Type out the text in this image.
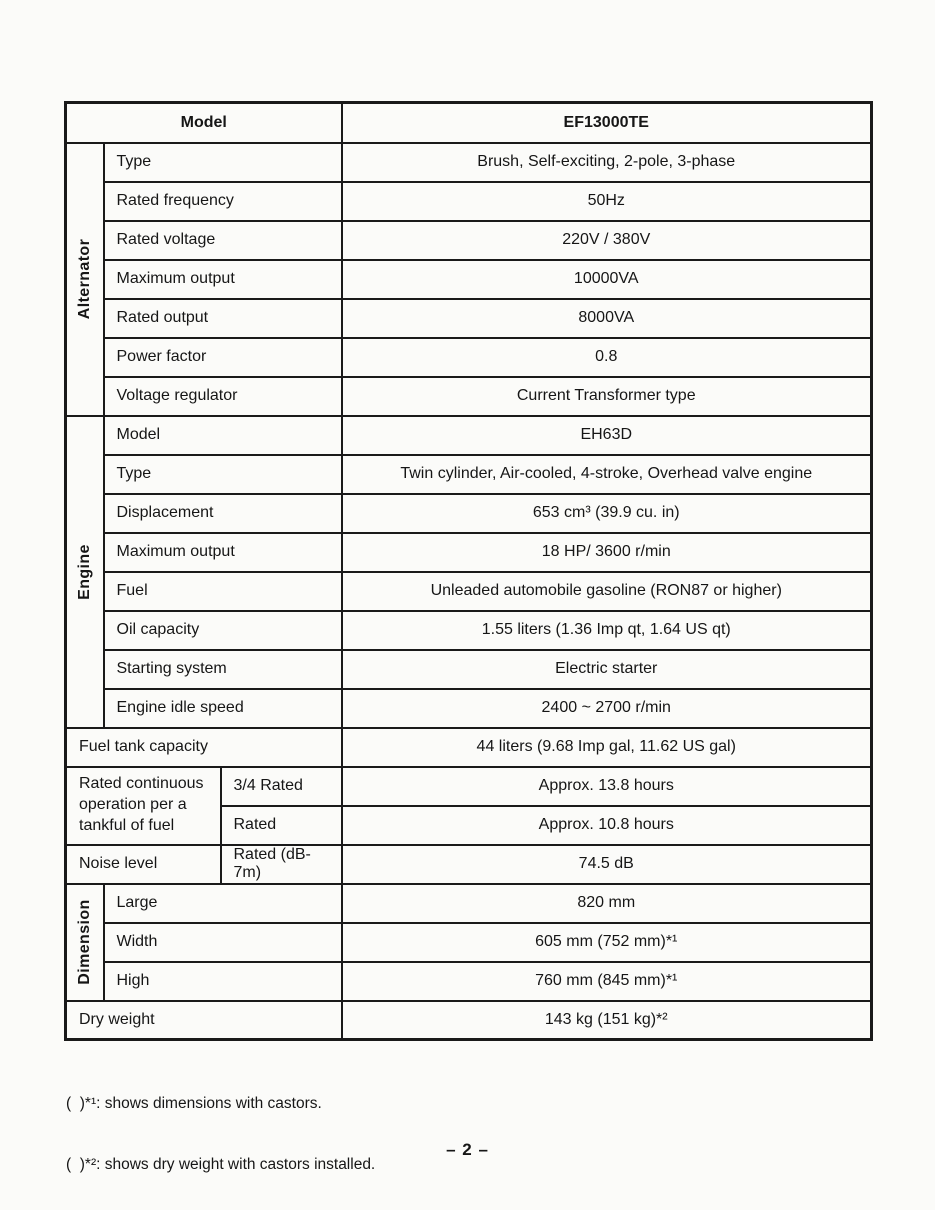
Model			EF13000TE

Alternator	Type		Brush, Self-exciting, 2-pole, 3-phase
	Rated frequency		50Hz
	Rated voltage		220V / 380V
	Maximum output		10000VA
	Rated output		8000VA
	Power factor		0.8
	Voltage regulator		Current Transformer type

Engine	Model		EH63D
	Type		Twin cylinder, Air-cooled, 4-stroke, Overhead valve engine
	Displacement		653 cm³ (39.9 cu. in)
	Maximum output		18 HP/ 3600 r/min
	Fuel		Unleaded automobile gasoline (RON87 or higher)
	Oil capacity		1.55 liters (1.36 Imp qt, 1.64 US qt)
	Starting system		Electric starter
	Engine idle speed		2400 ~ 2700 r/min
Fuel tank capacity			44 liters (9.68 Imp gal, 11.62 US gal)
Rated continuous operation per a tankful of fuel		3/4 Rated	Approx. 13.8 hours
		Rated	Approx. 10.8 hours
Noise level		Rated (dB-7m)	74.5 dB

Dimension	Large		820 mm
	Width		605 mm (752 mm)*¹
	High		760 mm (845 mm)*¹
Dry weight			143 kg (151 kg)*²

(  )*¹: shows dimensions with castors.

(  )*²: shows dry weight with castors installed.

– 2 –
